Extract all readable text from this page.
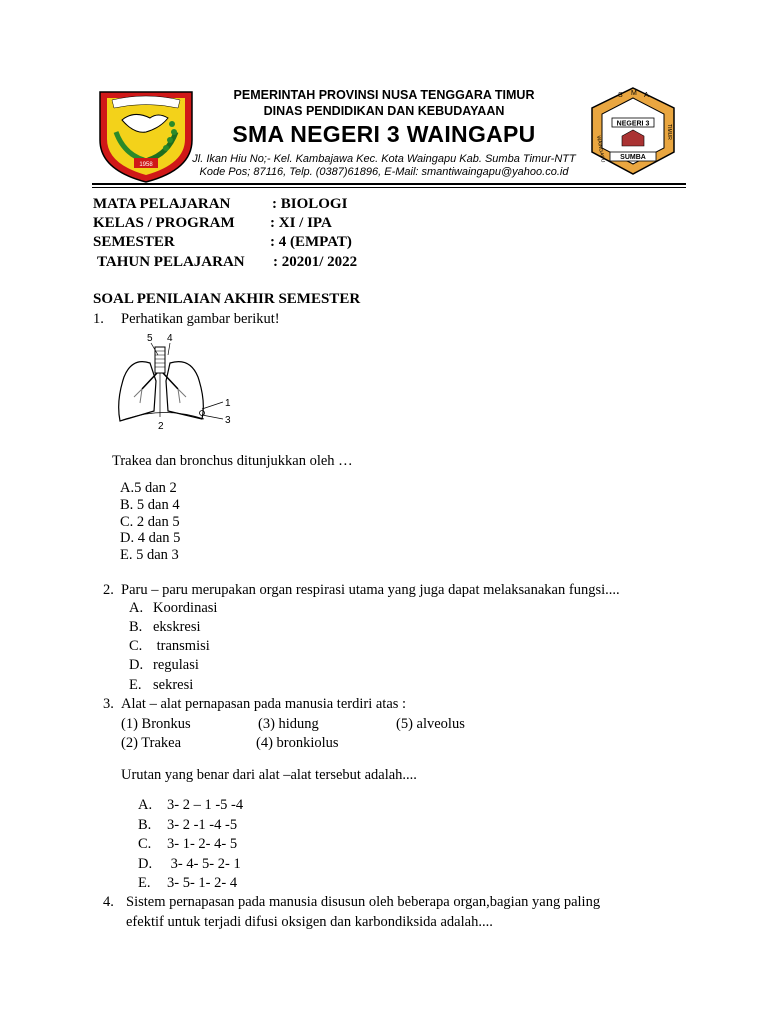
1958
S M A
NEGERI 3
WAINGAPU
TIMUR
SUMBA
PEMERINTAH PROVINSI NUSA TENGGARA TIMUR
DINAS PENDIDIKAN DAN KEBUDAYAAN
SMA NEGERI 3 WAINGAPU
Jl. Ikan Hiu No;- Kel. Kambajawa Kec. Kota Waingapu Kab. Sumba Timur-NTT
Kode Pos; 87116, Telp. (0387)61896, E-Mail: smantiwaingapu@yahoo.co.id
MATA PELAJARAN	: BIOLOGI
KELAS / PROGRAM : XI / IPA
SEMESTER	: 4 (EMPAT)
TAHUN PELAJARAN : 20201/ 2022
SOAL PENILAIAN AKHIR SEMESTER
1. Perhatikan gambar berikut!
5 4
2
1
3
Trakea dan bronchus ditunjukkan oleh …
A.5 dan 2
B. 5 dan 4
C. 2 dan 5
D. 4 dan 5
E. 5 dan 3
2. Paru – paru merupakan organ respirasi utama yang juga dapat melaksanakan fungsi....
A. Koordinasi
B. ekskresi
C. transmisi
D. regulasi
E. sekresi
3. Alat – alat pernapasan pada manusia terdiri atas :
(1) Bronkus	(3) hidung	(5) alveolus
(2) Trakea	(4) bronkiolus
Urutan yang benar dari alat –alat tersebut adalah....
A. 3- 2 – 1 -5 -4
B. 3- 2 -1 -4 -5
C. 3- 1- 2- 4- 5
D. 3- 4- 5- 2- 1
E. 3- 5- 1- 2- 4
4. Sistem pernapasan pada manusia disusun oleh beberapa organ,bagian yang paling
efektif untuk terjadi difusi oksigen dan karbondiksida adalah....
